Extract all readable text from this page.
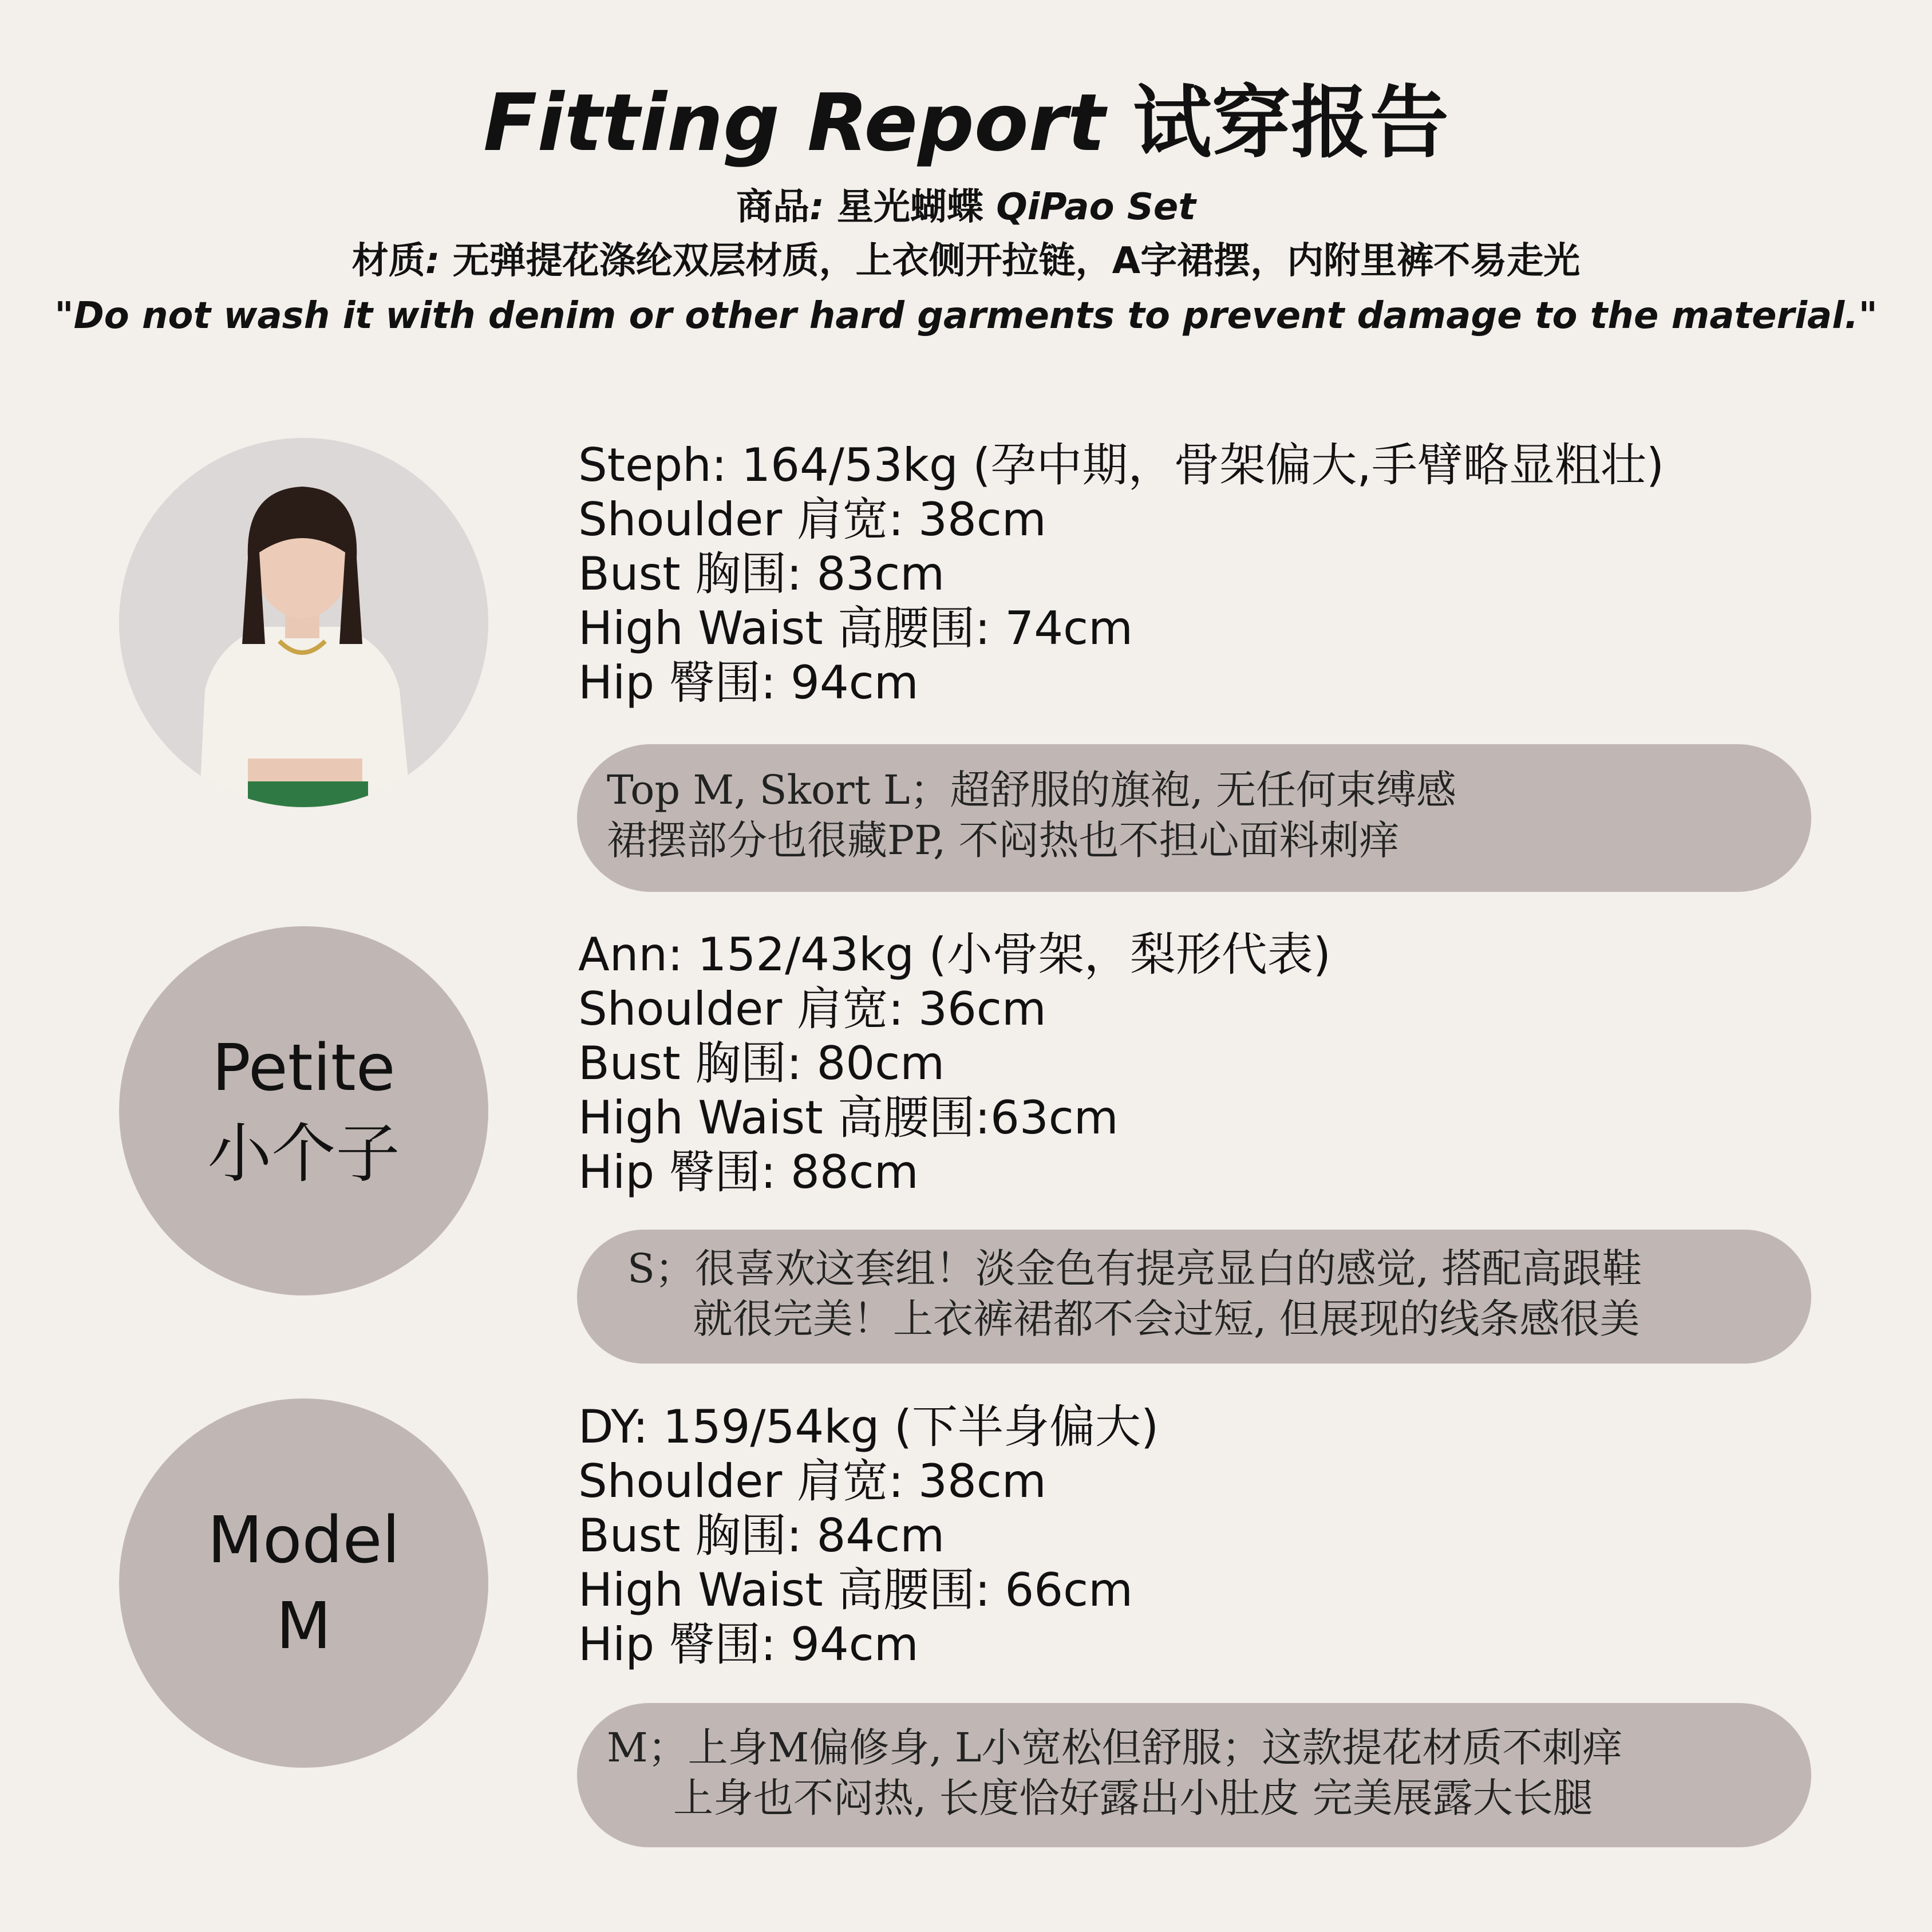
Fitting Report 试穿报告
商品: 星光蝴蝶 QiPao Set
材质: 无弹提花涤纶双层材质，上衣侧开拉链，A字裙摆，内附里裤不易走光
"Do not wash it with denim or other hard garments to prevent damage to the material."
Steph: 164/53kg (孕中期，骨架偏大,手臂略显粗壮)
Shoulder 肩宽: 38cm
Bust 胸围: 83cm
High Waist 高腰围: 74cm
Hip 臀围: 94cm
Top M, Skort L；超舒服的旗袍, 无任何束缚感
裙摆部分也很藏PP, 不闷热也不担心面料刺痒
Petite
小个子
Ann: 152/43kg (小骨架，梨形代表)
Shoulder 肩宽: 36cm
Bust 胸围: 80cm
High Waist 高腰围:63cm
Hip 臀围: 88cm
S；很喜欢这套组！淡金色有提亮显白的感觉, 搭配高跟鞋
就很完美！上衣裤裙都不会过短, 但展现的线条感很美
Model
M
DY: 159/54kg (下半身偏大)
Shoulder 肩宽: 38cm
Bust 胸围: 84cm
High Waist 高腰围: 66cm
Hip 臀围: 94cm
M；上身M偏修身, L小宽松但舒服；这款提花材质不刺痒
上身也不闷热, 长度恰好露出小肚皮 完美展露大长腿
